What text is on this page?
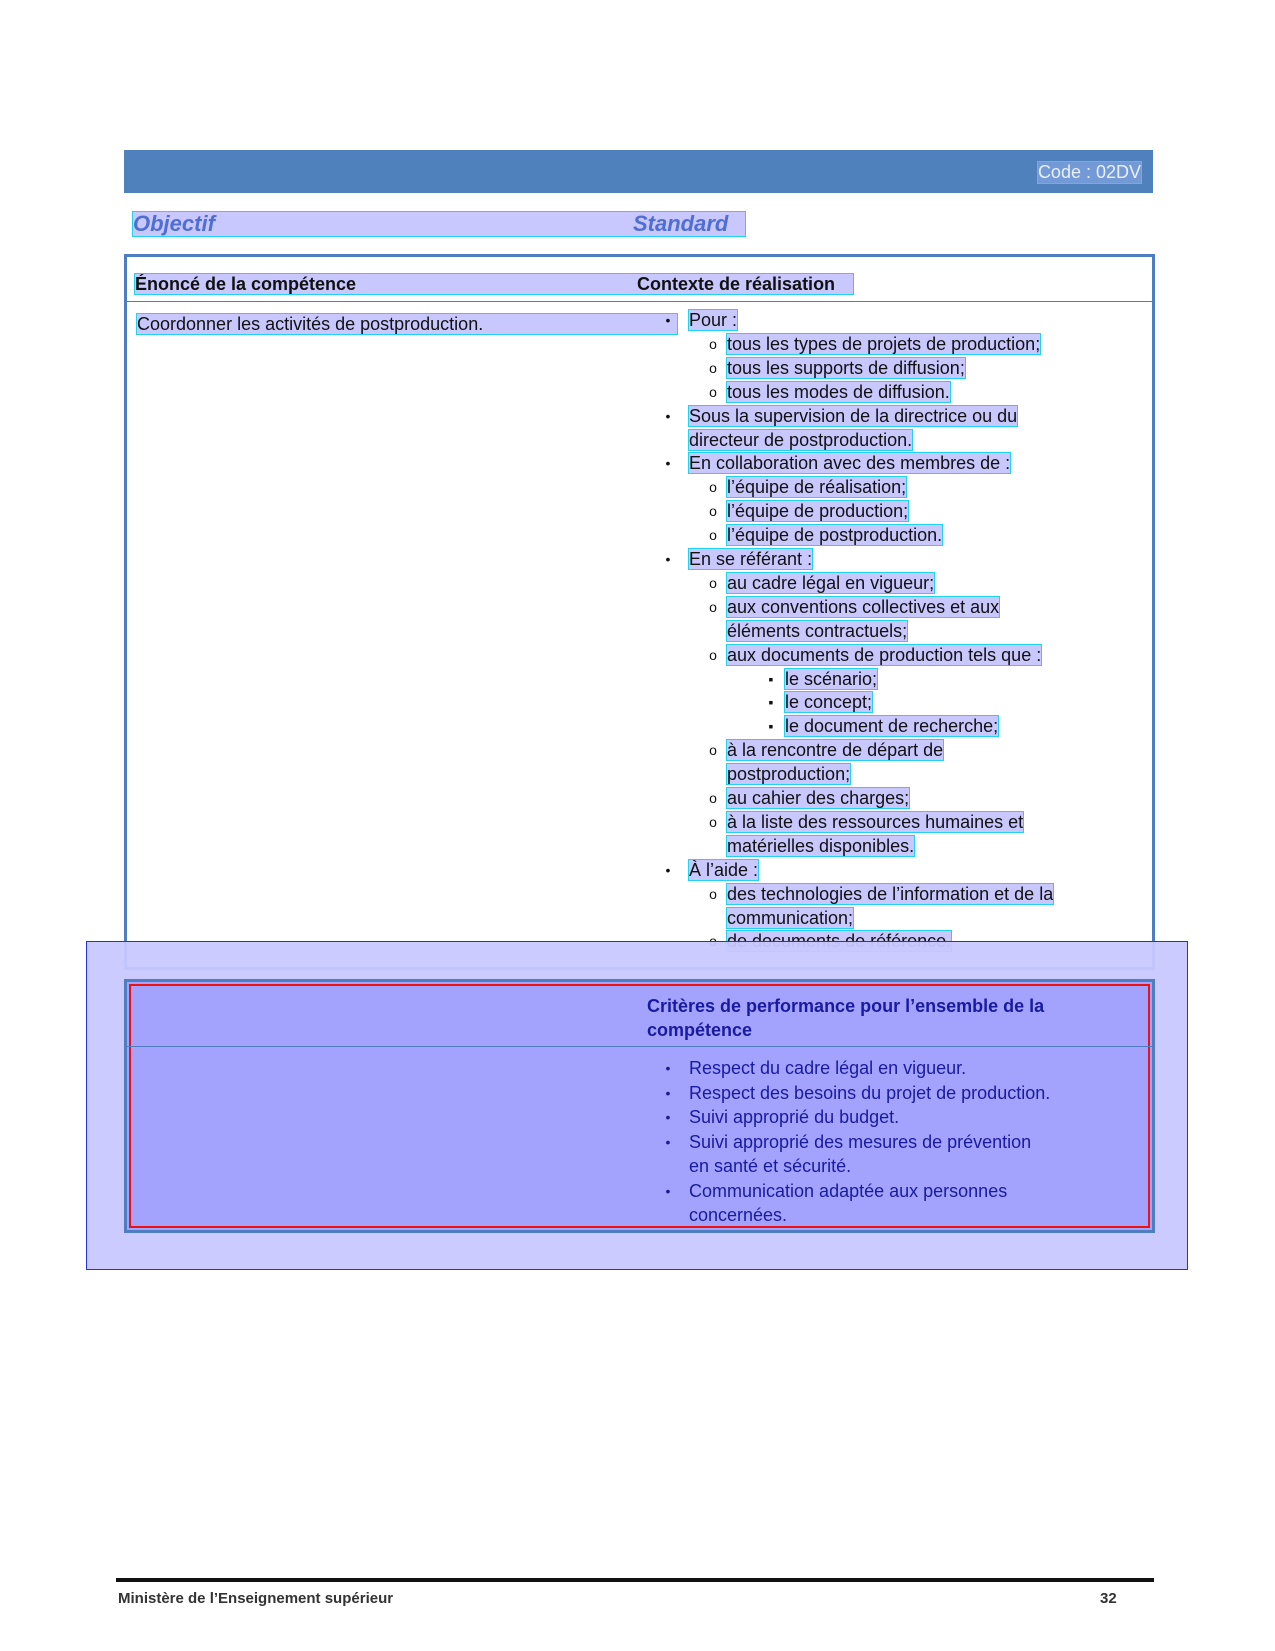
Code : 02DV
Objectif	Standard
Énoncé de la compétence	Contexte de réalisation
Coordonner les activités de postproduction.	• Pour :
o tous les types de projets de production;
o tous les supports de diffusion;
o tous les modes de diffusion.
• Sous la supervision de la directrice ou du
directeur de postproduction.
• En collaboration avec des membres de :
o l’équipe de réalisation;
o l’équipe de production;
o l’équipe de postproduction.
• En se référant :
o au cadre légal en vigueur;
o aux conventions collectives et aux
éléments contractuels;
o aux documents de production tels que :
▪ le scénario;
▪ le concept;
▪ le document de recherche;
o à la rencontre de départ de
postproduction;
o au cahier des charges;
o à la liste des ressources humaines et
matérielles disponibles.
• À l’aide :
o des technologies de l’information et de la
communication;
Critères de performance pour l’ensemble de la
compétence
• Respect du cadre légal en vigueur.
• Respect des besoins du projet de production.
• Suivi approprié du budget.
• Suivi approprié des mesures de prévention
en santé et sécurité.
• Communication adaptée aux personnes
concernées.
Ministère de l’Enseignement supérieur	32
